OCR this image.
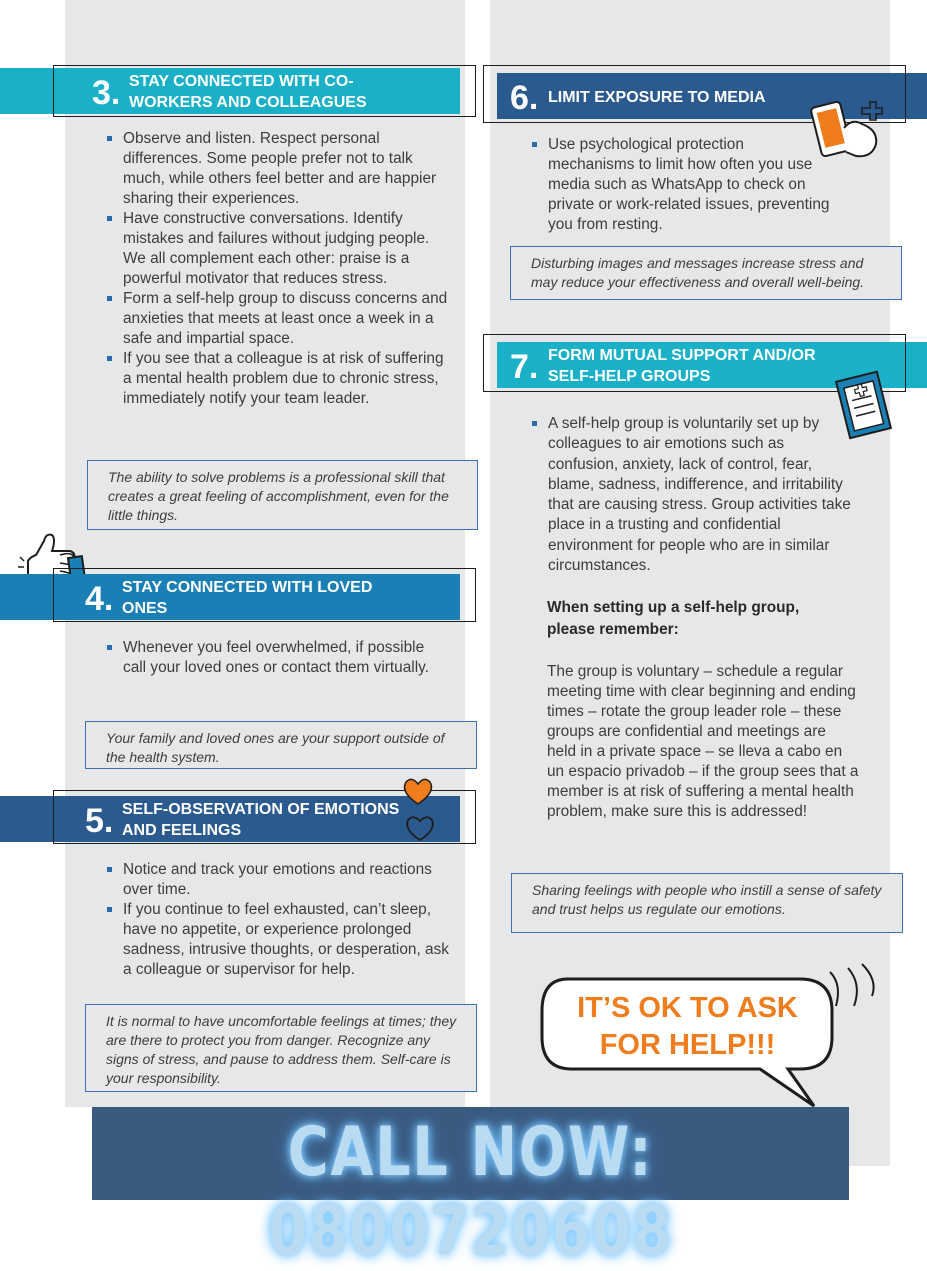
3. STAY CONNECTED WITH CO-
WORKERS AND COLLEAGUES
Observe and listen. Respect personal differences. Some people prefer not to talk much, while others feel better and are happier sharing their experiences.
Have constructive conversations. Identify mistakes and failures without judging people. We all complement each other: praise is a powerful motivator that reduces stress.
Form a self-help group to discuss concerns and anxieties that meets at least once a week in a safe and impartial space.
If you see that a colleague is at risk of suffering a mental health problem due to chronic stress, immediately notify your team leader.
The ability to solve problems is a professional skill that creates a great feeling of accomplishment, even for the little things.
4. STAY CONNECTED WITH LOVED
ONES
Whenever you feel overwhelmed, if possible call your loved ones or contact them virtually.
Your family and loved ones are your support outside of the health system.
5. SELF-OBSERVATION OF EMOTIONS
AND FEELINGS
Notice and track your emotions and reactions over time.
If you continue to feel exhausted, can’t sleep, have no appetite, or experience prolonged sadness, intrusive thoughts, or desperation, ask a colleague or supervisor for help.
It is normal to have uncomfortable feelings at times; they are there to protect you from danger. Recognize any signs of stress, and pause to address them. Self-care is your responsibility.
6. LIMIT EXPOSURE TO MEDIA
Use psychological protection mechanisms to limit how often you use media such as WhatsApp to check on private or work-related issues, preventing you from resting.
Disturbing images and messages increase stress and may reduce your effectiveness and overall well-being.
7. FORM MUTUAL SUPPORT AND/OR
SELF-HELP GROUPS
A self-help group is voluntarily set up by colleagues to air emotions such as confusion, anxiety, lack of control, fear, blame, sadness, indifference, and irritability that are causing stress. Group activities take place in a trusting and confidential environment for people who are in similar circumstances.

When setting up a self-help group, please remember:

The group is voluntary – schedule a regular meeting time with clear beginning and ending times – rotate the group leader role – these groups are confidential and meetings are held in a private space – se lleva a cabo en un espacio privadob – if the group sees that a member is at risk of suffering a mental health problem, make sure this is addressed!

Sharing feelings with people who instill a sense of safety and trust helps us regulate our emotions.
IT’S OK TO ASK
FOR HELP!!!
CALL NOW: 0800720608
